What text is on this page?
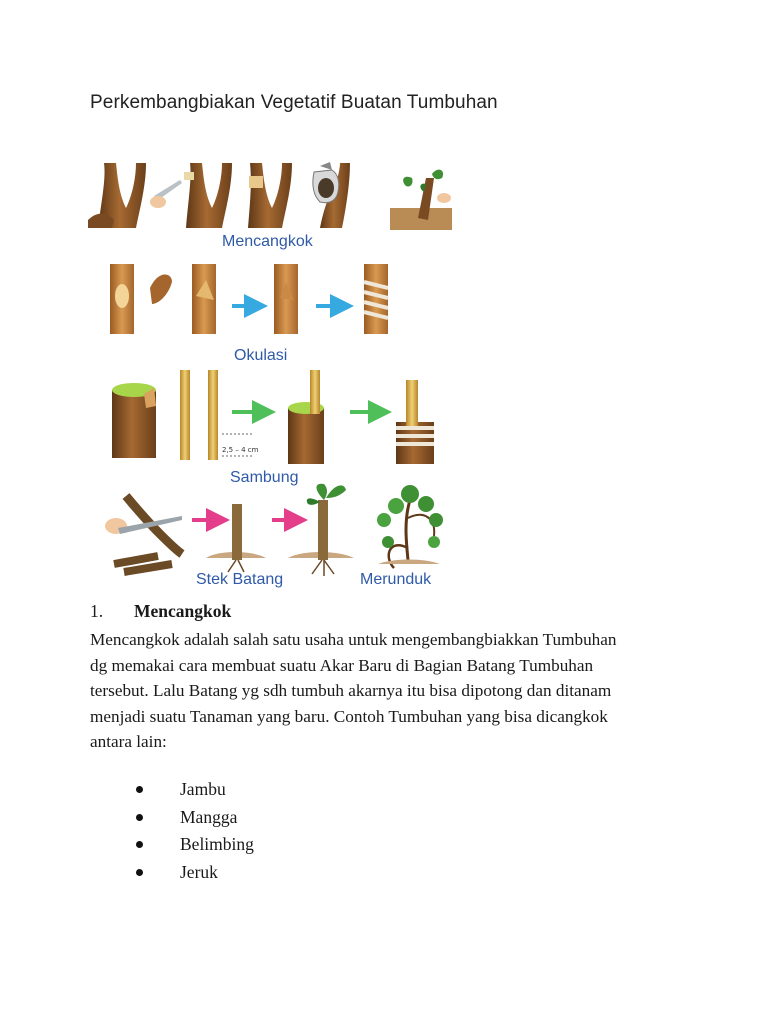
Perkembangbiakan Vegetatif Buatan Tumbuhan
Mencangkok
Okulasi
2,5 – 4 cm
Sambung
Stek Batang	Merunduk
1. Mencangkok
Mencangkok adalah salah satu usaha untuk mengembangbiakkan Tumbuhan
dg memakai cara membuat suatu Akar Baru di Bagian Batang Tumbuhan
tersebut. Lalu Batang yg sdh tumbuh akarnya itu bisa dipotong dan ditanam
menjadi suatu Tanaman yang baru. Contoh Tumbuhan yang bisa dicangkok
antara lain:
Jambu
Mangga
Belimbing
Jeruk
